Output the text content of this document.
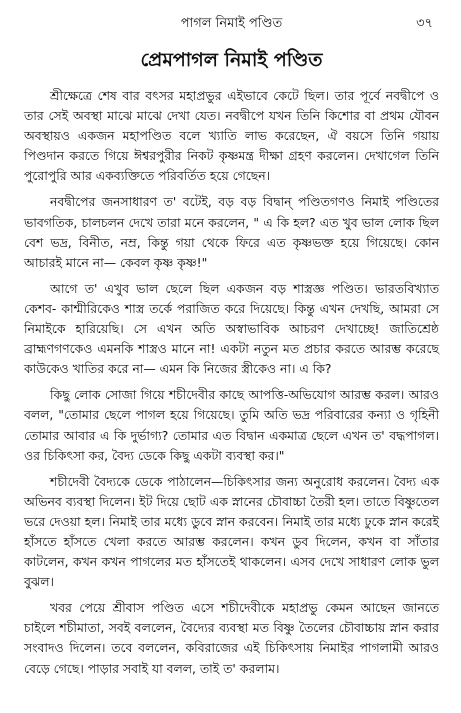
পাগল নিমাই পণ্ডিত	৩৭
প্রেমপাগল নিমাই পণ্ডিত

শ্রীক্ষেত্রে শেষ বার বৎসর মহাপ্রভুর এইভাবে কেটে ছিল। তার পূর্বে নবদ্বীপে ও তার সেই অবস্থা মাঝে মাঝে দেখা যেত। নবদ্বীপে যখন তিনি কিশোর বা প্রথম যৌবন অবস্থায়ও একজন মহাপণ্ডিত বলে খ্যাতি লাভ করেছেন, ঐ বয়সে তিনি গয়ায় পিণ্ডদান করতে গিয়ে ঈশ্বরপুরীর নিকট কৃষ্ণমন্ত্র দীক্ষা গ্রহণ করলেন। দেখাগেল তিনি পুরোপুরি আর একব্যক্তিতে পরিবর্তিত হয়ে গেছেন।

নবদ্বীপের জনসাধারণ ত' বটেই, বড় বড় বিদ্বান্ পণ্ডিতগণও নিমাই পণ্ডিতের ভাবগতিক, চালচলন দেখে তারা মনে করলেন, " এ কি হল? এত খুব ভাল লোক ছিল বেশ ভদ্র, বিনীত, নম্র, কিন্তু গয়া থেকে ফিরে এত কৃষ্ণভক্ত হয়ে গিয়েছে। কোন আচারই মানে না— কেবল কৃষ্ণ কৃষ্ণ!"

আগে ত' এখুব ভাল ছেলে ছিল একজন বড় শাস্ত্রজ্ঞ পণ্ডিত। ভারতবিখ্যাত কেশব- কাশ্মীরিকেও শাস্ত্র তর্কে পরাজিত করে দিয়েছে। কিন্তু এখন দেখছি, আমরা সে নিমাইকে হারিয়েছি। সে এখন অতি অস্বাভাবিক আচরণ দেখাচ্ছে! জাতিশ্রেষ্ঠ ব্রাহ্মণগণকেও এমনকি শাস্ত্রও মানে না! একটা নতুন মত প্রচার করতে আরম্ভ করেছে কাউকেও খাতির করে না— এমন কি নিজের স্ত্রীকেও না। এ কি?

কিছু লোক সোজা গিয়ে শচীদেবীর কাছে আপত্তি-অভিযোগ আরম্ভ করল। আরও বলল, "তোমার ছেলে পাগল হয়ে গিয়েছে। তুমি অতি ভদ্র পরিবারের কন্যা ও গৃহিনী তোমার আবার এ কি দুর্ভাগ্য? তোমার এত বিদ্বান একমাত্র ছেলে এখন ত' বদ্ধপাগল। ওর চিকিৎসা কর, বৈদ্য ডেকে কিছু একটা ব্যবস্থা কর।"

শচীদেবী বৈদ্যকে ডেকে পাঠালেন—চিকিৎসার জন্য অনুরোধ করলেন। বৈদ্য এক অভিনব ব্যবস্থা দিলেন। ইট দিয়ে ছোট এক স্নানের চৌবাচ্চা তৈরী হল। তাতে বিষ্ণুতেল ভরে দেওয়া হল। নিমাই তার মধ্যে ডুবে স্নান করবেন। নিমাই তার মধ্যে ঢুকে স্নান করেই হাঁসতে হাঁসতে খেলা করতে আরম্ভ করলেন। কখন ডুব দিলেন, কখন বা সাঁতার কাটলেন, কখন কখন পাগলের মত হাঁসতেই থাকলেন। এসব দেখে সাধারণ লোক ভুল বুঝল।

খবর পেয়ে শ্রীবাস পণ্ডিত এসে শচীদেবীকে মহাপ্রভু কেমন আছেন জানতে চাইলে শচীমাতা, সবই বললেন, বৈদ্যের ব্যবস্থা মত বিষ্ণু তৈলের চৌবাচ্চায় স্নান করার সংবাদও দিলেন। তবে বললেন, কবিরাজের এই চিকিৎসায় নিমাইর পাগলামী আরও বেড়ে গেছে। পাড়ার সবাই যা বলল, তাই ত' করলাম।
